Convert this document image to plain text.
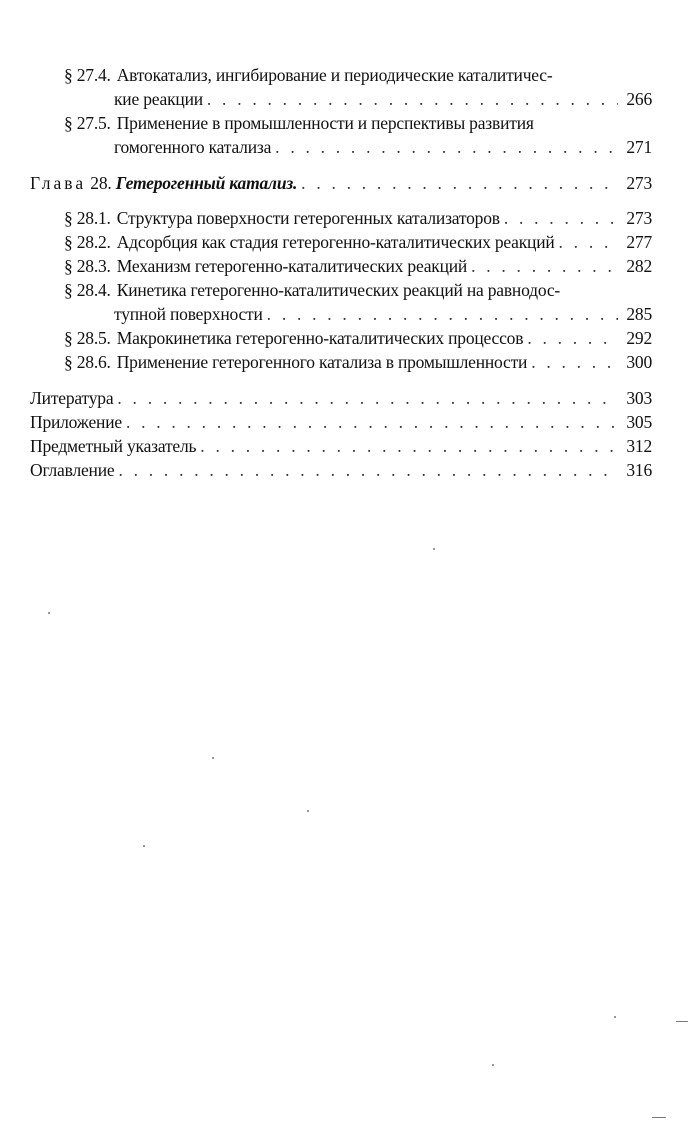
§ 27.4. Автокатализ, ингибирование и периодические каталитичес-
кие реакции . . .	266
§ 27.5. Применение в промышленности и перспективы развития
гомогенного катализа . . .	271
Глава 28. Гетерогенный катализ. . . .	273
§ 28.1. Структура поверхности гетерогенных катализаторов . . .	273
§ 28.2. Адсорбция как стадия гетерогенно-каталитических реакций . . .	277
§ 28.3. Механизм гетерогенно-каталитических реакций . . .	282
§ 28.4. Кинетика гетерогенно-каталитических реакций на равнодос-
тупной поверхности . . .	285
§ 28.5. Макрокинетика гетерогенно-каталитических процессов . . .	292
§ 28.6. Применение гетерогенного катализа в промышленности . . .	300
Литература . . .	303
Приложение . . .	305
Предметный указатель . . .	312
Оглавление . . .	316
